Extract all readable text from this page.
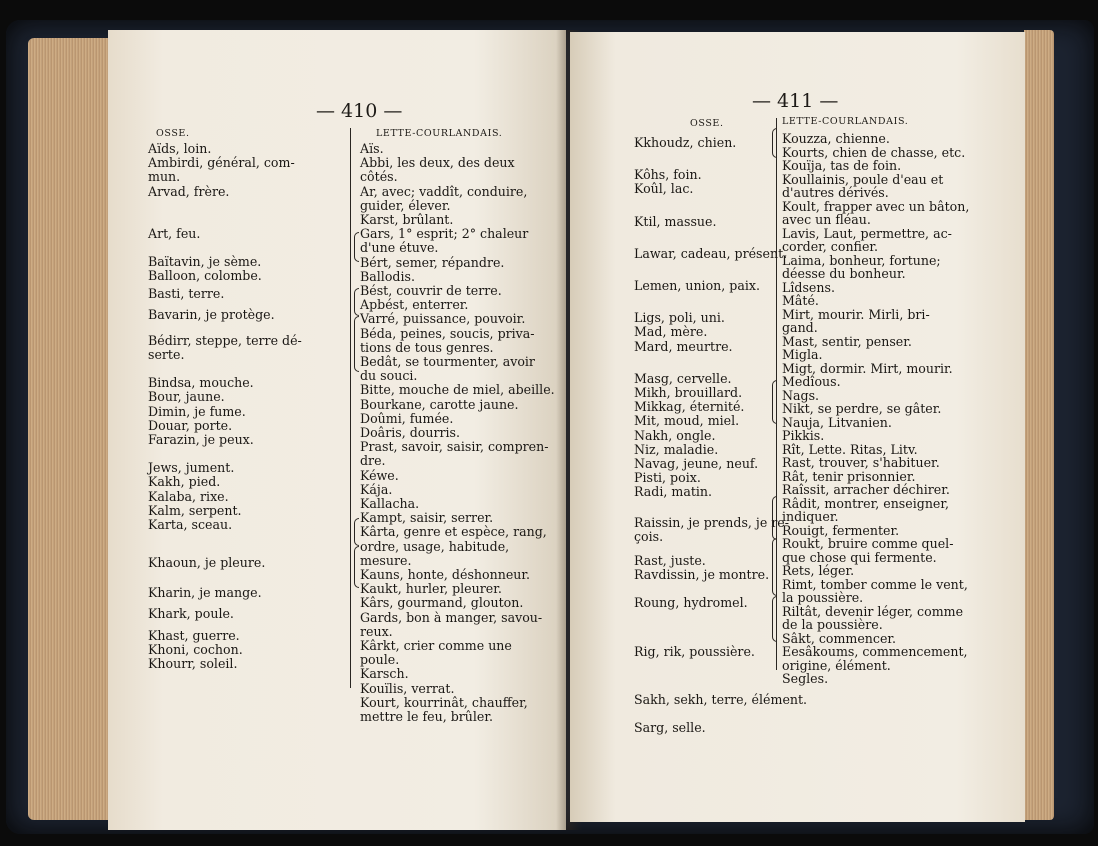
— 410 —
OSSE.	LETTE-COURLANDAIS.
Aïds, loin.
Ambirdi, général, com-
mun.
Arvad, frère.
Art, feu.
Baïtavin, je sème.
Balloon, colombe.
Basti, terre.
Bavarin, je protège.
Bédirr, steppe, terre dé-
serte.
Bindsa, mouche.
Bour, jaune.
Dimin, je fume.
Douar, porte.
Farazin, je peux.
Jews, jument.
Kakh, pied.
Kalaba, rixe.
Kalm, serpent.
Karta, sceau.
Khaoun, je pleure.
Kharin, je mange.
Khark, poule.
Khast, guerre.
Khoni, cochon.
Khourr, soleil.
Aïs.
Abbi, les deux, des deux
côtés.
Ar, avec; vaddît, conduire,
guider, élever.
Karst, brûlant.
Gars, 1° esprit; 2° chaleur
d'une étuve.
Bért, semer, répandre.
Ballodis.
Bést, couvrir de terre.
Apbést, enterrer.
Varré, puissance, pouvoir.
Béda, peines, soucis, priva-
tions de tous genres.
Bedât, se tourmenter, avoir
du souci.
Bitte, mouche de miel, abeille.
Bourkane, carotte jaune.
Doûmi, fumée.
Doâris, dourris.
Prast, savoir, saisir, compren-
dre.
Kéwe.
Kája.
Kallacha.
Kampt, saisir, serrer.
Kârta, genre et espèce, rang,
ordre, usage, habitude,
mesure.
Kauns, honte, déshonneur.
Kaukt, hurler, pleurer.
Kârs, gourmand, glouton.
Gards, bon à manger, savou-
reux.
Kârkt, crier comme une
poule.
Karsch.
Kouïlis, verrat.
Kourt, kourrinât, chauffer,
mettre le feu, brûler.
— 411 —
OSSE.	LETTE-COURLANDAIS.
Kkhoudz, chien.
Kôhs, foin.
Koûl, lac.
Ktil, massue.
Lawar, cadeau, présent.
Lemen, union, paix.
Ligs, poli, uni.
Mad, mère.
Mard, meurtre.
Masg, cervelle.
Mikh, brouillard.
Mikkag, éternité.
Mit, moud, miel.
Nakh, ongle.
Niz, maladie.
Navag, jeune, neuf.
Pisti, poix.
Radi, matin.
Raissin, je prends, je re-
çois.
Rast, juste.
Ravdissin, je montre.
Roung, hydromel.
Rig, rik, poussière.
Sakh, sekh, terre, élément.
Sarg, selle.
Kouzza, chienne.
Kourts, chien de chasse, etc.
Kouïja, tas de foin.
Koullainis, poule d'eau et
d'autres dérivés.
Koult, frapper avec un bâton,
avec un fléau.
Lavis, Laut, permettre, ac-
corder, confier.
Laima, bonheur, fortune;
déesse du bonheur.
Lîdsens.
Mâté.
Mirt, mourir. Mirli, bri-
gand.
Mast, sentir, penser.
Migla.
Migt, dormir. Mirt, mourir.
Medîous.
Nags.
Nikt, se perdre, se gâter.
Nauja, Litvanien.
Pikkis.
Rît, Lette. Ritas, Litv.
Rast, trouver, s'habituer.
Rât, tenir prisonnier.
Raîssit, arracher déchirer.
Râdit, montrer, enseigner,
indiquer.
Rouigt, fermenter.
Roukt, bruire comme quel-
que chose qui fermente.
Rets, léger.
Rimt, tomber comme le vent,
la poussière.
Riltât, devenir léger, comme
de la poussière.
Sâkt, commencer.
Eesâkoums, commencement,
origine, élément.
Segles.
